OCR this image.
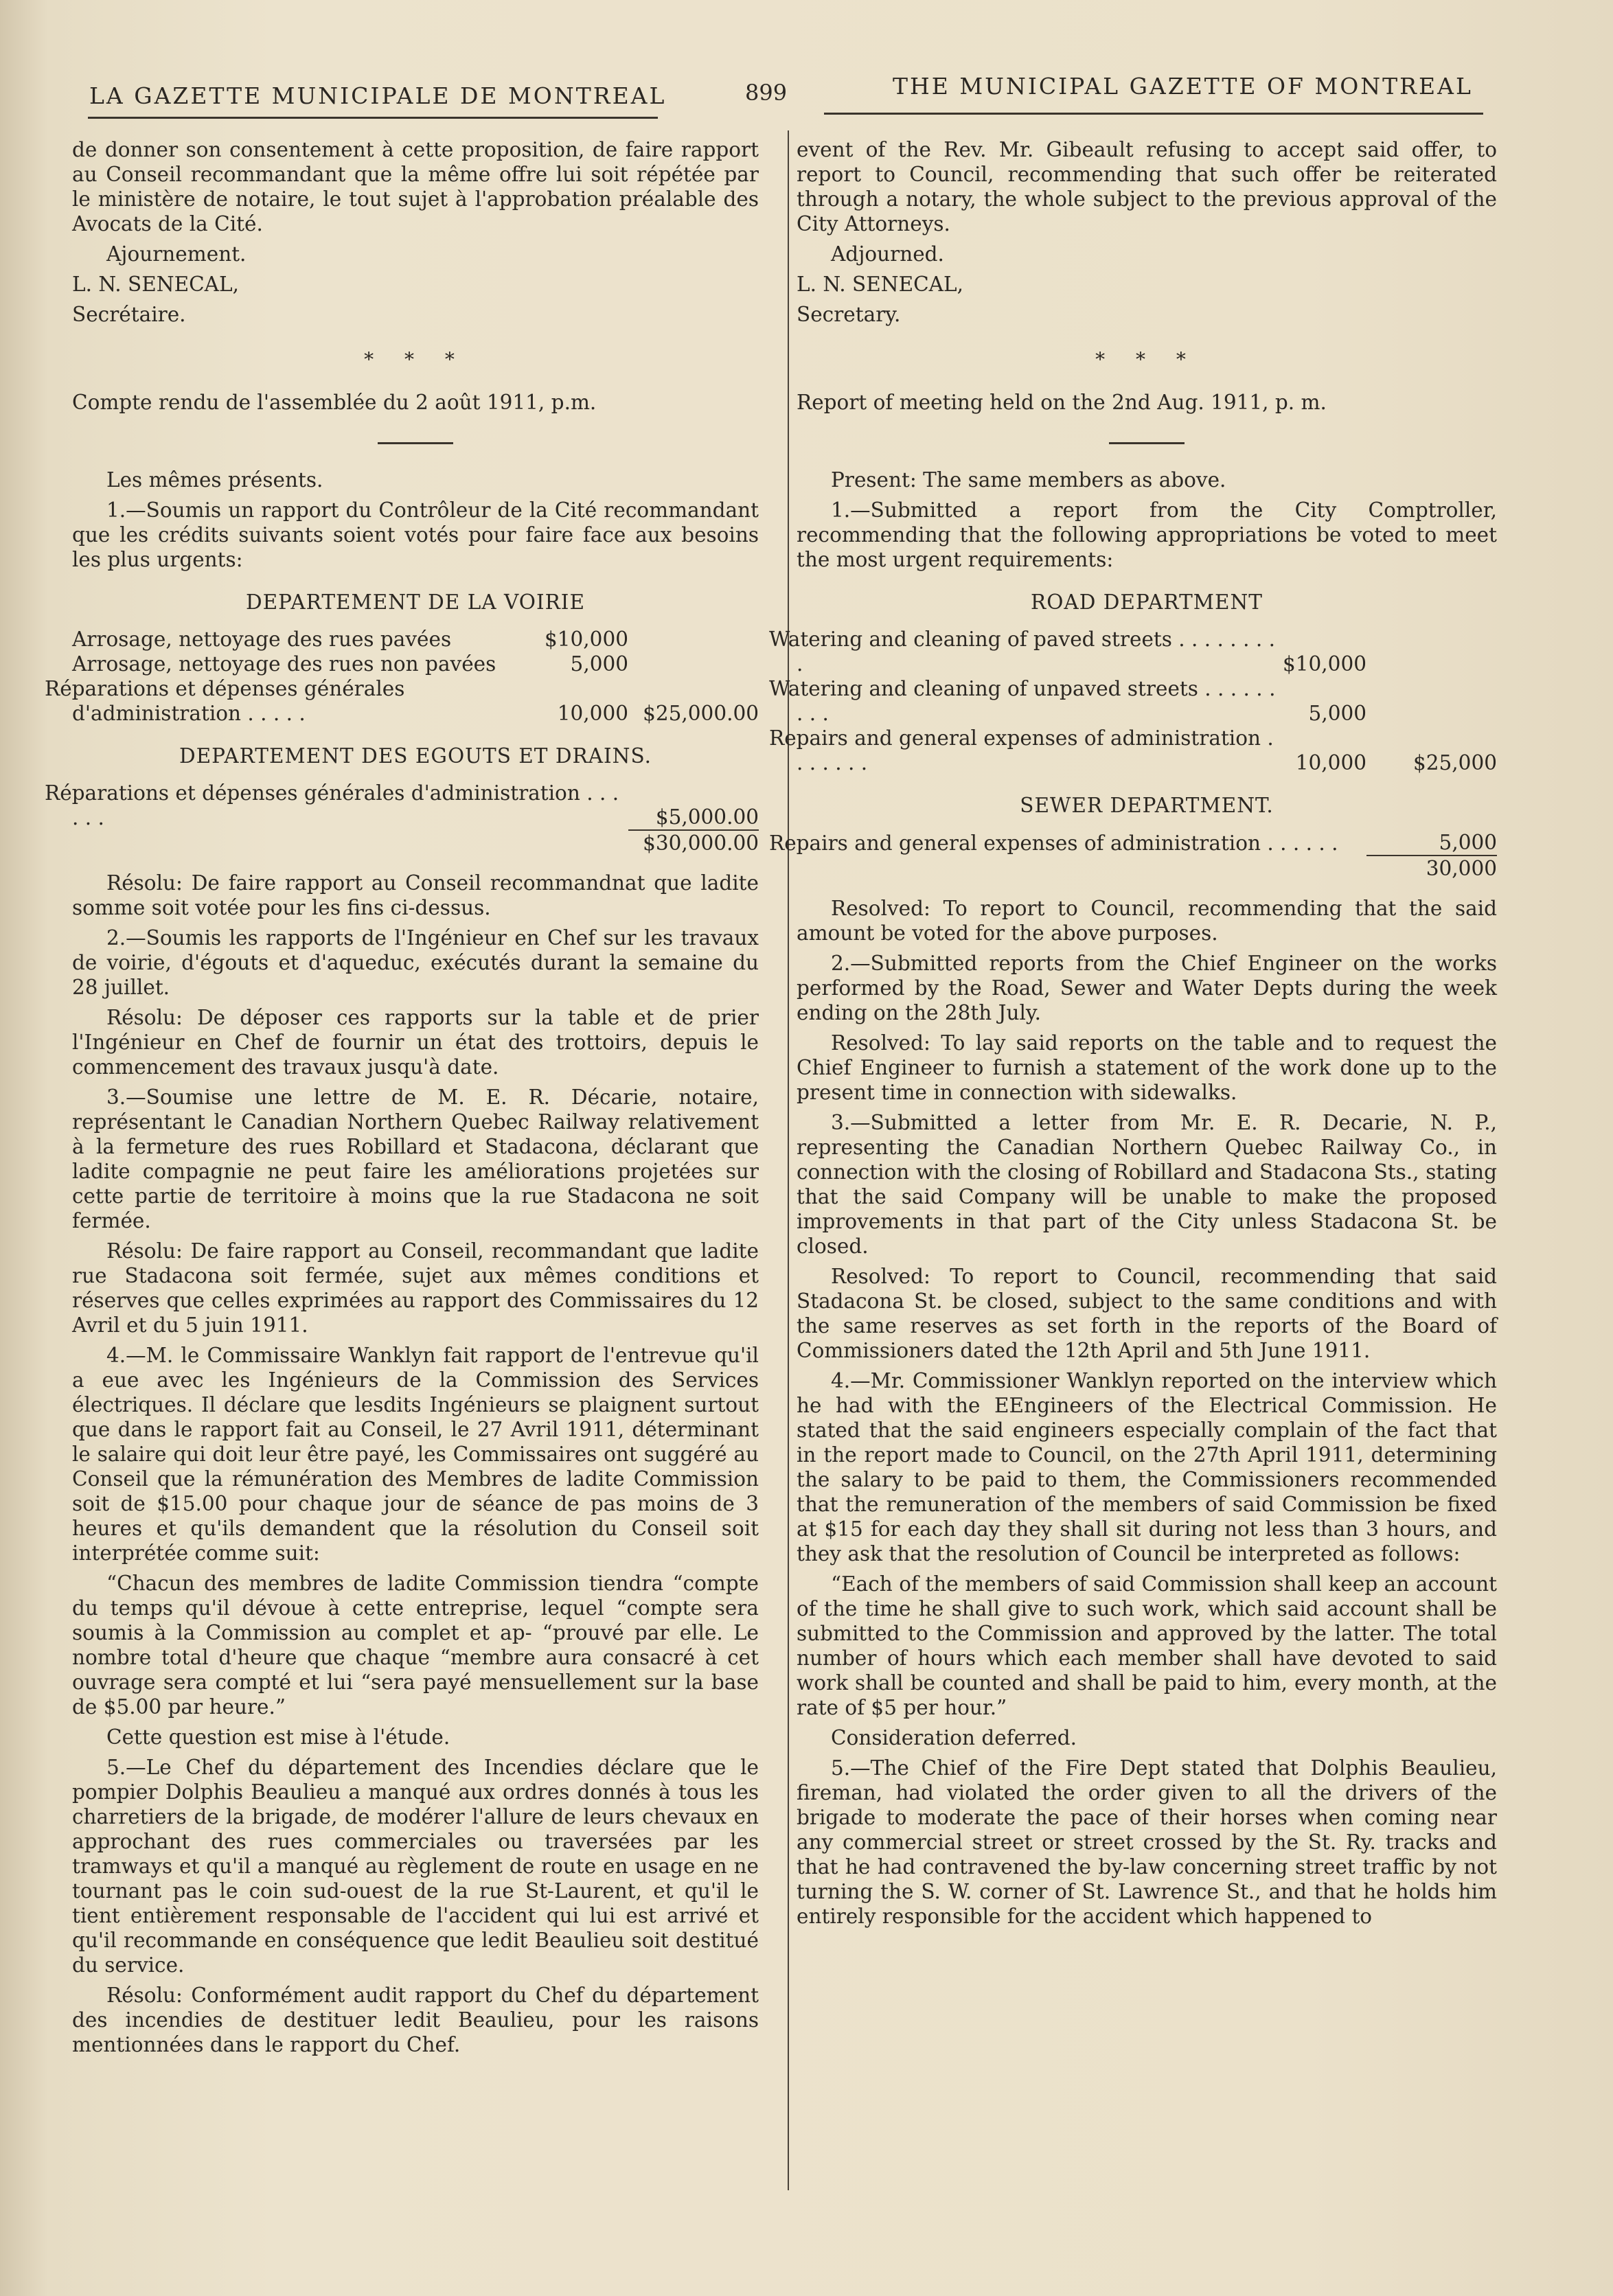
LA GAZETTE MUNICIPALE DE MONTREAL	899	THE MUNICIPAL GAZETTE OF MONTREAL

de donner son consentement à cette proposition, de faire rapport au Conseil recommandant que la même offre lui soit répétée par le ministère de notaire, le tout sujet à l'approbation préalable des Avocats de la Cité.

Ajournement.

L. N. SENECAL,

Secrétaire.

* * *

Compte rendu de l'assemblée du 2 août 1911, p.m.

Les mêmes présents.

1.—Soumis un rapport du Contrôleur de la Cité recommandant que les crédits suivants soient votés pour faire face aux besoins les plus urgents:

DEPARTEMENT DE LA VOIRIE
Arrosage, nettoyage des rues pavées	$10,000	
Arrosage, nettoyage des rues non pavées	5,000	
Réparations et dépenses générales d'administration . . . . .	10,000	$25,000.00
DEPARTEMENT DES EGOUTS ET DRAINS.
Réparations et dépenses générales d'administration . . . . . .	$5,000.00
	$30,000.00

Résolu: De faire rapport au Conseil recommandnat que ladite somme soit votée pour les fins ci-dessus.

2.—Soumis les rapports de l'Ingénieur en Chef sur les travaux de voirie, d'égouts et d'aqueduc, exécutés durant la semaine du 28 juillet.

Résolu: De déposer ces rapports sur la table et de prier l'Ingénieur en Chef de fournir un état des trottoirs, depuis le commencement des travaux jusqu'à date.

3.—Soumise une lettre de M. E. R. Décarie, notaire, représentant le Canadian Northern Quebec Railway relativement à la fermeture des rues Robillard et Stadacona, déclarant que ladite compagnie ne peut faire les améliorations projetées sur cette partie de territoire à moins que la rue Stadacona ne soit fermée.

Résolu: De faire rapport au Conseil, recommandant que ladite rue Stadacona soit fermée, sujet aux mêmes conditions et réserves que celles exprimées au rapport des Commissaires du 12 Avril et du 5 juin 1911.

4.—M. le Commissaire Wanklyn fait rapport de l'entrevue qu'il a eue avec les Ingénieurs de la Commission des Services électriques. Il déclare que lesdits Ingénieurs se plaignent surtout que dans le rapport fait au Conseil, le 27 Avril 1911, déterminant le salaire qui doit leur être payé, les Commissaires ont suggéré au Conseil que la rémunération des Membres de ladite Commission soit de $15.00 pour chaque jour de séance de pas moins de 3 heures et qu'ils demandent que la résolution du Conseil soit interprétée comme suit:

“Chacun des membres de ladite Commission tiendra “compte du temps qu'il dévoue à cette entreprise, lequel “compte sera soumis à la Commission au complet et ap- “prouvé par elle. Le nombre total d'heure que chaque “membre aura consacré à cet ouvrage sera compté et lui “sera payé mensuellement sur la base de $5.00 par heure.”

Cette question est mise à l'étude.

5.—Le Chef du département des Incendies déclare que le pompier Dolphis Beaulieu a manqué aux ordres donnés à tous les charretiers de la brigade, de modérer l'allure de leurs chevaux en approchant des rues commerciales ou traversées par les tramways et qu'il a manqué au règlement de route en usage en ne tournant pas le coin sud-ouest de la rue St-Laurent, et qu'il le tient entièrement responsable de l'accident qui lui est arrivé et qu'il recommande en conséquence que ledit Beaulieu soit destitué du service.

Résolu: Conformément audit rapport du Chef du département des incendies de destituer ledit Beaulieu, pour les raisons mentionnées dans le rapport du Chef.

event of the Rev. Mr. Gibeault refusing to accept said offer, to report to Council, recommending that such offer be reiterated through a notary, the whole subject to the previous approval of the City Attorneys.

Adjourned.

L. N. SENECAL,

Secretary.

* * *

Report of meeting held on the 2nd Aug. 1911, p. m.

Present: The same members as above.

1.—Submitted a report from the City Comptroller, recommending that the following appropriations be voted to meet the most urgent requirements:

ROAD DEPARTMENT
Watering and cleaning of paved streets . . . . . . . . .	$10,000	
Watering and cleaning of unpaved streets . . . . . . . . .	5,000	
Repairs and general expenses of administration . . . . . . .	10,000	$25,000
SEWER DEPARTMENT.
Repairs and general expenses of administration . . . . . .	5,000
	30,000

Resolved: To report to Council, recommending that the said amount be voted for the above purposes.

2.—Submitted reports from the Chief Engineer on the works performed by the Road, Sewer and Water Depts during the week ending on the 28th July.

Resolved: To lay said reports on the table and to request the Chief Engineer to furnish a statement of the work done up to the present time in connection with sidewalks.

3.—Submitted a letter from Mr. E. R. Decarie, N. P., representing the Canadian Northern Quebec Railway Co., in connection with the closing of Robillard and Stadacona Sts., stating that the said Company will be unable to make the proposed improvements in that part of the City unless Stadacona St. be closed.

Resolved: To report to Council, recommending that said Stadacona St. be closed, subject to the same conditions and with the same reserves as set forth in the reports of the Board of Commissioners dated the 12th April and 5th June 1911.

4.—Mr. Commissioner Wanklyn reported on the interview which he had with the EEngineers of the Electrical Commission. He stated that the said engineers especially complain of the fact that in the report made to Council, on the 27th April 1911, determining the salary to be paid to them, the Commissioners recommended that the remuneration of the members of said Commission be fixed at $15 for each day they shall sit during not less than 3 hours, and they ask that the resolution of Council be interpreted as follows:

“Each of the members of said Commission shall keep an account of the time he shall give to such work, which said account shall be submitted to the Commission and approved by the latter. The total number of hours which each member shall have devoted to said work shall be counted and shall be paid to him, every month, at the rate of $5 per hour.”

Consideration deferred.

5.—The Chief of the Fire Dept stated that Dolphis Beaulieu, fireman, had violated the order given to all the drivers of the brigade to moderate the pace of their horses when coming near any commercial street or street crossed by the St. Ry. tracks and that he had contravened the by-law concerning street traffic by not turning the S. W. corner of St. Lawrence St., and that he holds him entirely responsible for the accident which happened to
